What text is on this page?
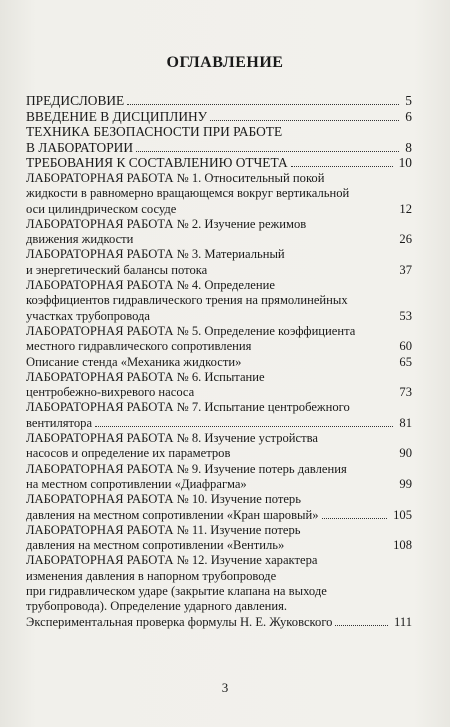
ОГЛАВЛЕНИЕ
ПРЕДИСЛОВИЕ	5
ВВЕДЕНИЕ В ДИСЦИПЛИНУ	6
ТЕХНИКА БЕЗОПАСНОСТИ ПРИ РАБОТЕ
В ЛАБОРАТОРИИ	8
ТРЕБОВАНИЯ К СОСТАВЛЕНИЮ ОТЧЕТА	10
ЛАБОРАТОРНАЯ РАБОТА № 1. Относительный покой
жидкости в равномерно вращающемся вокруг вертикальной
оси цилиндрическом сосуде	12
ЛАБОРАТОРНАЯ РАБОТА № 2. Изучение режимов
движения жидкости	26
ЛАБОРАТОРНАЯ РАБОТА № 3. Материальный
и энергетический балансы потока	37
ЛАБОРАТОРНАЯ РАБОТА № 4. Определение
коэффициентов гидравлического трения на прямолинейных
участках трубопровода	53
ЛАБОРАТОРНАЯ РАБОТА № 5. Определение коэффициента
местного гидравлического сопротивления	60
Описание стенда «Механика жидкости»	65
ЛАБОРАТОРНАЯ РАБОТА № 6. Испытание
центробежно-вихревого насоса	73
ЛАБОРАТОРНАЯ РАБОТА № 7. Испытание центробежного
вентилятора	81
ЛАБОРАТОРНАЯ РАБОТА № 8. Изучение устройства
насосов и определение их параметров	90
ЛАБОРАТОРНАЯ РАБОТА № 9. Изучение потерь давления
на местном сопротивлении «Диафрагма»	99
ЛАБОРАТОРНАЯ РАБОТА № 10. Изучение потерь
давления на местном сопротивлении «Кран шаровый»	105
ЛАБОРАТОРНАЯ РАБОТА № 11. Изучение потерь
давления на местном сопротивлении «Вентиль»	108
ЛАБОРАТОРНАЯ РАБОТА № 12. Изучение характера
изменения давления в напорном трубопроводе
при гидравлическом ударе (закрытие клапана на выходе
трубопровода). Определение ударного давления.
Экспериментальная проверка формулы Н. Е. Жуковского	111
3
